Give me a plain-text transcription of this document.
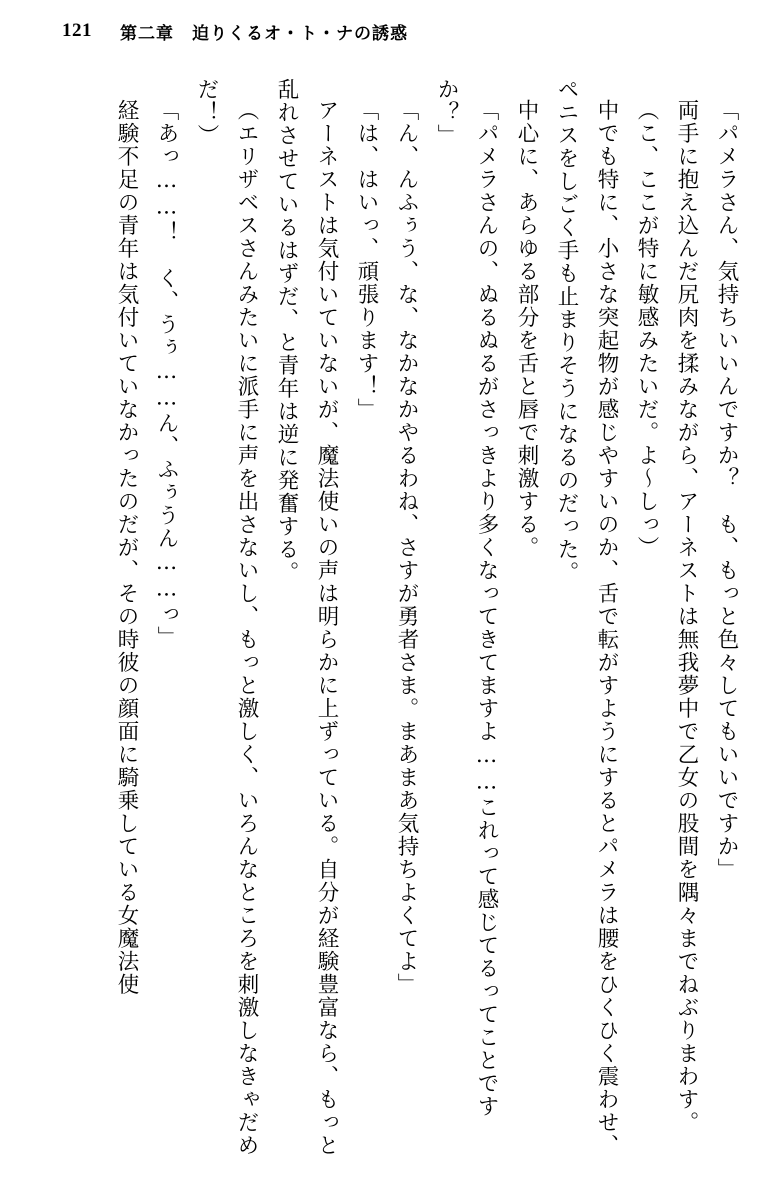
121 第二章　迫りくるオ・ト・ナの誘惑

「パメラさん、気持ちいいんですか？　も、もっと色々してもいいですか」

両手に抱え込んだ尻肉を揉みながら、アーネストは無我夢中で乙女の股間を隅々までねぶりまわす。

（こ、ここが特に敏感みたいだ。よ～しっ）

中でも特に、小さな突起物が感じやすいのか、舌で転がすようにするとパメラは腰をひくひく震わせ、ペニスをしごく手も止まりそうになるのだった。

中心に、あらゆる部分を舌と唇で刺激する。

「パメラさんの、ぬるぬるがさっきより多くなってきてますよ……これって感じてるってことですか？」

「ん、んふぅう、な、なかなかやるわね、さすが勇者さま。まあまあ気持ちよくてよ」

「は、はいっ、頑張ります！」

アーネストは気付いていないが、魔法使いの声は明らかに上ずっている。自分が経験豊富なら、もっと乱れさせているはずだ、と青年は逆に発奮する。

（エリザベスさんみたいに派手に声を出さないし、もっと激しく、いろんなところを刺激しなきゃだめだ！）

「あっ……！　く、うぅ……ん、ふぅうん……っ」

経験不足の青年は気付いていなかったのだが、その時彼の顔面に騎乗している女魔法使
